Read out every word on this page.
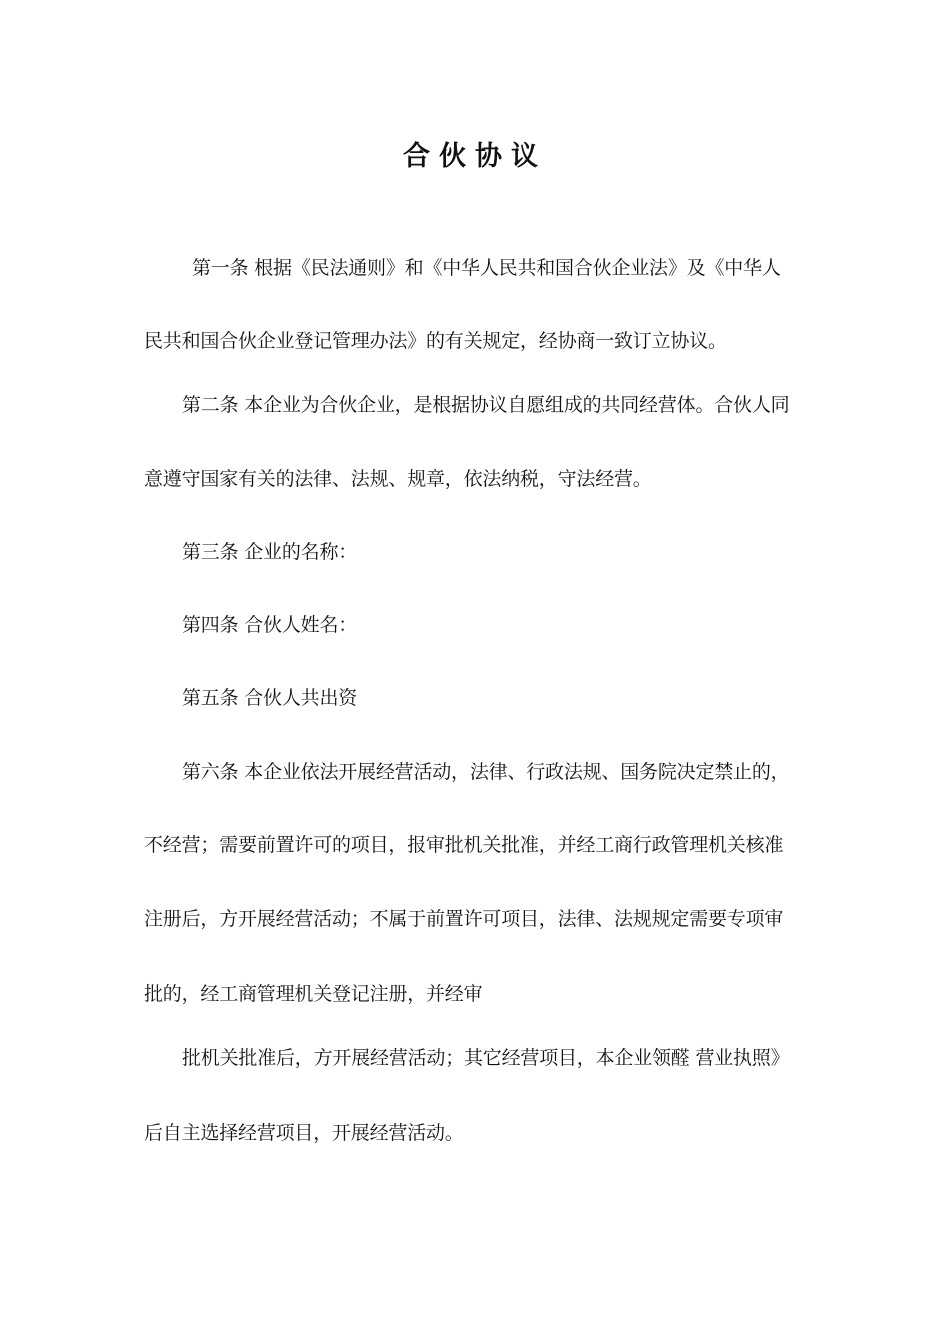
合伙协议

第一条 根据《民法通则》和《中华人民共和国合伙企业法》及《中华人

民共和国合伙企业登记管理办法》的有关规定，经协商一致订立协议。

第二条 本企业为合伙企业，是根据协议自愿组成的共同经营体。合伙人同

意遵守国家有关的法律、法规、规章，依法纳税，守法经营。

第三条 企业的名称：

第四条 合伙人姓名：

第五条 合伙人共出资

第六条 本企业依法开展经营活动，法律、行政法规、国务院决定禁止的，

不经营；需要前置许可的项目，报审批机关批准，并经工商行政管理机关核准

注册后，方开展经营活动；不属于前置许可项目，法律、法规规定需要专项审

批的，经工商管理机关登记注册，并经审

批机关批准后，方开展经营活动；其它经营项目，本企业领醛 营业执照》

后自主选择经营项目，开展经营活动。
